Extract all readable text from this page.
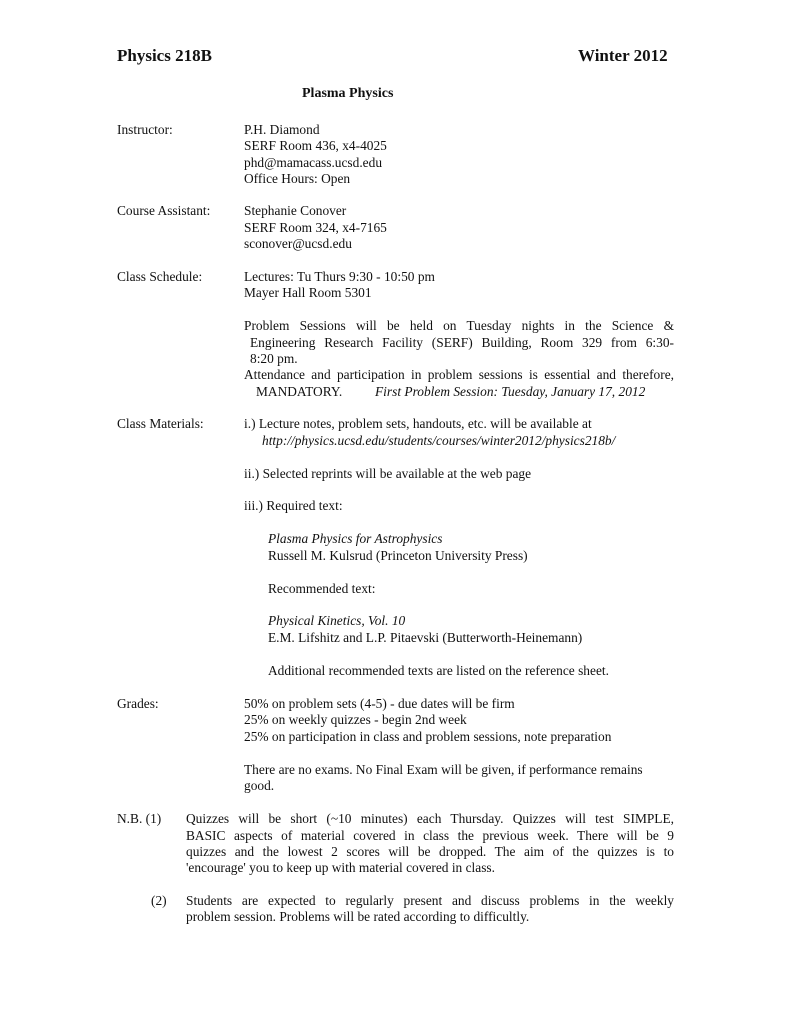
Physics 218B	Winter 2012
Plasma Physics
Instructor:	P.H. Diamond
SERF Room 436, x4-4025
phd@mamacass.ucsd.edu
Office Hours: Open
Course Assistant:	Stephanie Conover
SERF Room 324, x4-7165
sconover@ucsd.edu
Class Schedule:	Lectures: Tu Thurs 9:30 - 10:50 pm
Mayer Hall Room 5301
Problem Sessions will be held on Tuesday nights in the Science &
Engineering Research Facility (SERF) Building, Room 329 from 6:30-
8:20 pm.
Attendance and participation in problem sessions is essential and therefore,
MANDATORY. First Problem Session: Tuesday, January 17, 2012
Class Materials:	i.) Lecture notes, problem sets, handouts, etc. will be available at
http://physics.ucsd.edu/students/courses/winter2012/physics218b/
ii.) Selected reprints will be available at the web page
iii.) Required text:
Plasma Physics for Astrophysics
Russell M. Kulsrud (Princeton University Press)
Recommended text:
Physical Kinetics, Vol. 10
E.M. Lifshitz and L.P. Pitaevski (Butterworth-Heinemann)
Additional recommended texts are listed on the reference sheet.
Grades:	50% on problem sets (4-5) - due dates will be firm
25% on weekly quizzes - begin 2nd week
25% on participation in class and problem sessions, note preparation
There are no exams. No Final Exam will be given, if performance remains
good.
N.B. (1) Quizzes will be short (~10 minutes) each Thursday. Quizzes will test SIMPLE,
BASIC aspects of material covered in class the previous week. There will be 9
quizzes and the lowest 2 scores will be dropped. The aim of the quizzes is to
'encourage' you to keep up with material covered in class.
(2) Students are expected to regularly present and discuss problems in the weekly
problem session. Problems will be rated according to difficultly.
